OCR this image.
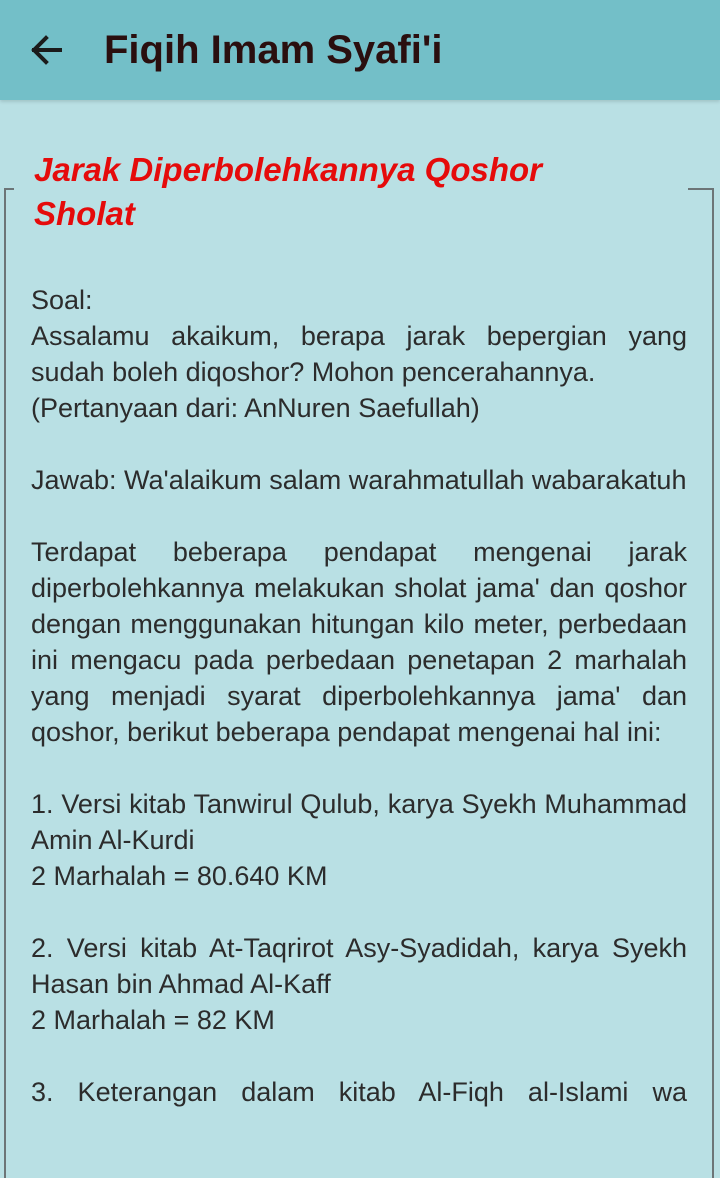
Fiqih Imam Syafi'i
Jarak Diperbolehkannya Qoshor Sholat

Soal:
Assalamu akaikum, berapa jarak bepergian yang sudah boleh diqoshor? Mohon pencerahannya.
(Pertanyaan dari: AnNuren Saefullah)

Jawab: Wa'alaikum salam warahmatullah wabarakatuh

Terdapat beberapa pendapat mengenai jarak diperbolehkannya melakukan sholat jama' dan qoshor dengan menggunakan hitungan kilo meter, perbedaan ini mengacu pada perbedaan penetapan 2 marhalah yang menjadi syarat diperbolehkannya jama' dan qoshor, berikut beberapa pendapat mengenai hal ini:

1. Versi kitab Tanwirul Qulub, karya Syekh Muhammad Amin Al-Kurdi
2 Marhalah = 80.640 KM

2. Versi kitab At-Taqrirot Asy-Syadidah, karya Syekh Hasan bin Ahmad Al-Kaff
2 Marhalah = 82 KM

3. Keterangan dalam kitab Al-Fiqh al-Islami wa
